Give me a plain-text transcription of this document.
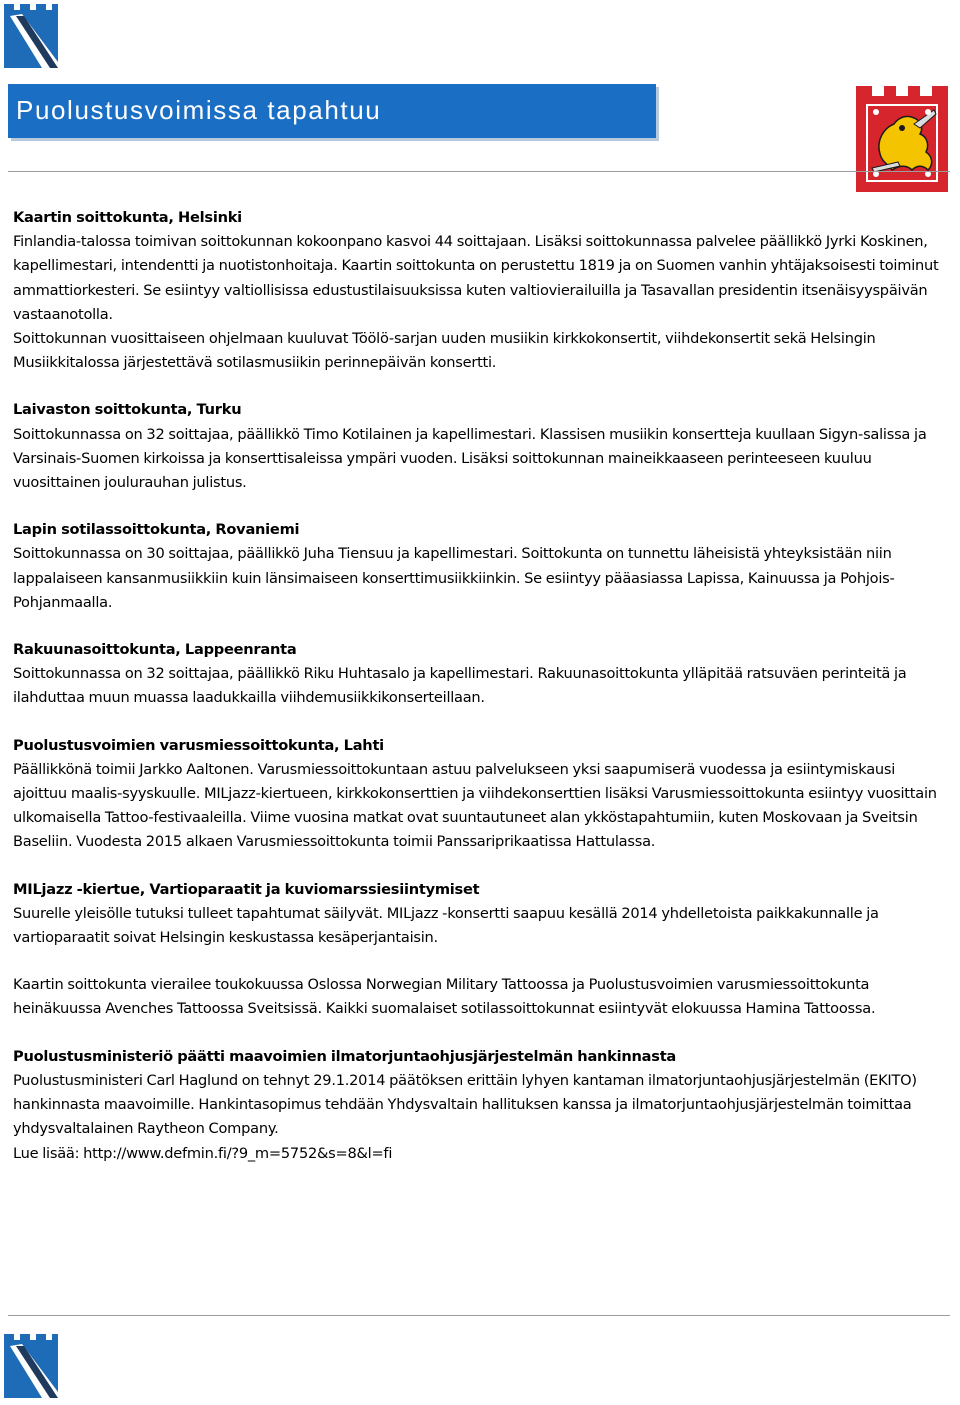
Puolustusvoimissa tapahtuu
Kaartin soittokunta, Helsinki

Finlandia-talossa toimivan soittokunnan kokoonpano kasvoi 44 soittajaan. Lisäksi soittokunnassa palvelee päällikkö Jyrki Koskinen, kapellimestari, intendentti ja nuotistonhoitaja. Kaartin soittokunta on perustettu 1819 ja on Suomen vanhin yhtäjaksoisesti toiminut ammattiorkesteri. Se esiintyy valtiollisissa edustustilaisuuksissa kuten valtiovierailuilla ja Tasavallan presidentin itsenäisyyspäivän vastaanotolla.

Soittokunnan vuosittaiseen ohjelmaan kuuluvat Töölö-sarjan uuden musiikin kirkkokonsertit, viihdekonsertit sekä Helsingin Musiikkitalossa järjestettävä sotilasmusiikin perinnepäivän konsertti.

Laivaston soittokunta, Turku

Soittokunnassa on 32 soittajaa, päällikkö Timo Kotilainen ja kapellimestari. Klassisen musiikin konsertteja kuullaan Sigyn-salissa ja Varsinais-Suomen kirkoissa ja konserttisaleissa ympäri vuoden. Lisäksi soittokunnan maineikkaaseen perinteeseen kuuluu vuosittainen joulurauhan julistus.

Lapin sotilassoittokunta, Rovaniemi

Soittokunnassa on 30 soittajaa, päällikkö Juha Tiensuu ja kapellimestari. Soittokunta on tunnettu läheisistä yhteyksistään niin lappalaiseen kansanmusiikkiin kuin länsimaiseen konserttimusiikkiinkin. Se esiintyy pääasiassa Lapissa, Kainuussa ja Pohjois-Pohjanmaalla.

Rakuunasoittokunta, Lappeenranta

Soittokunnassa on 32 soittajaa, päällikkö Riku Huhtasalo ja kapellimestari. Rakuunasoittokunta ylläpitää ratsuväen perinteitä ja ilahduttaa muun muassa laadukkailla viihdemusiikkikonserteillaan.

Puolustusvoimien varusmiessoittokunta, Lahti

Päällikkönä toimii Jarkko Aaltonen. Varusmiessoittokuntaan astuu palvelukseen yksi saapumiserä vuodessa ja esiintymiskausi ajoittuu maalis-syyskuulle. MILjazz-kiertueen, kirkkokonserttien ja viihdekonserttien lisäksi Varusmiessoittokunta esiintyy vuosittain ulkomaisella Tattoo-festivaaleilla. Viime vuosina matkat ovat suuntautuneet alan ykköstapahtumiin, kuten Moskovaan ja Sveitsin Baseliin. Vuodesta 2015 alkaen Varusmiessoittokunta toimii Panssariprikaatissa Hattulassa.

MILjazz -kiertue, Vartioparaatit ja kuviomarssiesiintymiset

Suurelle yleisölle tutuksi tulleet tapahtumat säilyvät. MILjazz -konsertti saapuu kesällä 2014 yhdelletoista paikkakunnalle ja vartioparaatit soivat Helsingin keskustassa kesäperjantaisin.

Kaartin soittokunta vierailee toukokuussa Oslossa Norwegian Military Tattoossa ja Puolustusvoimien varusmiessoittokunta heinäkuussa Avenches Tattoossa Sveitsissä. Kaikki suomalaiset sotilassoittokunnat esiintyvät elokuussa Hamina Tattoossa.

Puolustusministeriö päätti maavoimien ilmatorjuntaohjusjärjestelmän hankinnasta

Puolustusministeri Carl Haglund on tehnyt 29.1.2014 päätöksen erittäin lyhyen kantaman ilmatorjuntaohjusjärjestelmän (EKITO) hankinnasta maavoimille. Hankintasopimus tehdään Yhdysvaltain hallituksen kanssa ja ilmatorjuntaohjusjärjestelmän toimittaa yhdysvaltalainen Raytheon Company.

Lue lisää: http://www.defmin.fi/?9_m=5752&s=8&l=fi
